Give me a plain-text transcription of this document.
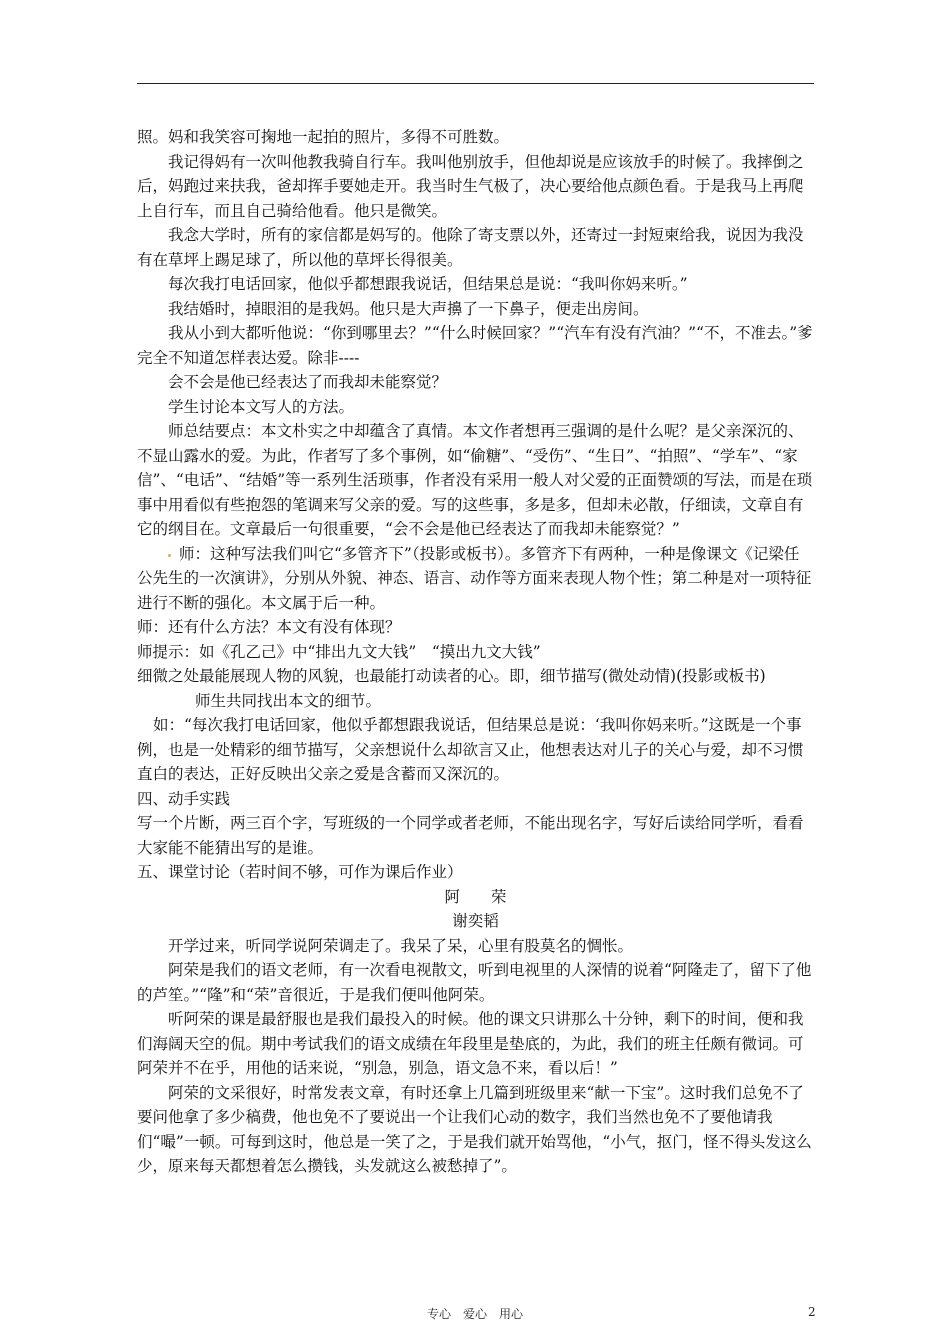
照。妈和我笑容可掬地一起拍的照片，多得不可胜数。

我记得妈有一次叫他教我骑自行车。我叫他别放手，但他却说是应该放手的时候了。我摔倒之后，妈跑过来扶我，爸却挥手要她走开。我当时生气极了，决心要给他点颜色看。于是我马上再爬上自行车，而且自己骑给他看。他只是微笑。

我念大学时，所有的家信都是妈写的。他除了寄支票以外，还寄过一封短柬给我，说因为我没有在草坪上踢足球了，所以他的草坪长得很美。

每次我打电话回家，他似乎都想跟我说话，但结果总是说：“我叫你妈来听。”

我结婚时，掉眼泪的是我妈。他只是大声擤了一下鼻子，便走出房间。

我从小到大都听他说：“你到哪里去？”“什么时候回家？”“汽车有没有汽油？”“不，不准去。”爹完全不知道怎样表达爱。除非----

会不会是他已经表达了而我却未能察觉？

学生讨论本文写人的方法。

师总结要点：本文朴实之中却蕴含了真情。本文作者想再三强调的是什么呢？是父亲深沉的、不显山露水的爱。为此，作者写了多个事例，如“偷糖”、“受伤”、“生日”、“拍照”、“学车”、“家信”、“电话”、“结婚”等一系列生活琐事，作者没有采用一般人对父爱的正面赞颂的写法，而是在琐事中用看似有些抱怨的笔调来写父亲的爱。写的这些事，多是多，但却未必散，仔细读，文章自有它的纲目在。文章最后一句很重要，“会不会是他已经表达了而我却未能察觉？”

师：这种写法我们叫它“多管齐下”（投影或板书）。多管齐下有两种，一种是像课文《记梁任公先生的一次演讲》，分别从外貌、神态、语言、动作等方面来表现人物个性；第二种是对一项特征进行不断的强化。本文属于后一种。

师：还有什么方法？本文有没有体现？

师提示：如《孔乙己》中“排出九文大钱”　“摸出九文大钱”

细微之处最能展现人物的风貌，也最能打动读者的心。即，细节描写(微处动情)(投影或板书)

师生共同找出本文的细节。

如：“每次我打电话回家，他似乎都想跟我说话，但结果总是说：‘我叫你妈来听。”这既是一个事例，也是一处精彩的细节描写，父亲想说什么却欲言又止，他想表达对儿子的关心与爱，却不习惯直白的表达，正好反映出父亲之爱是含蓄而又深沉的。

四、动手实践

写一个片断，两三百个字，写班级的一个同学或者老师，不能出现名字，写好后读给同学听，看看大家能不能猜出写的是谁。

五、课堂讨论（若时间不够，可作为课后作业）

阿　　荣

谢奕韬

开学过来，听同学说阿荣调走了。我呆了呆，心里有股莫名的惆怅。

阿荣是我们的语文老师，有一次看电视散文，听到电视里的人深情的说着“阿隆走了，留下了他的芦笙。”“隆”和“荣”音很近，于是我们便叫他阿荣。

听阿荣的课是最舒服也是我们最投入的时候。他的课文只讲那么十分钟，剩下的时间，便和我们海阔天空的侃。期中考试我们的语文成绩在年段里是垫底的，为此，我们的班主任颇有微词。可阿荣并不在乎，用他的话来说，“别急，别急，语文急不来，看以后！”

阿荣的文采很好，时常发表文章，有时还拿上几篇到班级里来“献一下宝”。这时我们总免不了要问他拿了多少稿费，他也免不了要说出一个让我们心动的数字，我们当然也免不了要他请我们“嘬”一顿。可每到这时，他总是一笑了之，于是我们就开始骂他，“小气，抠门，怪不得头发这么少，原来每天都想着怎么攒钱，头发就这么被愁掉了”。

专心　爱心　用心	2
